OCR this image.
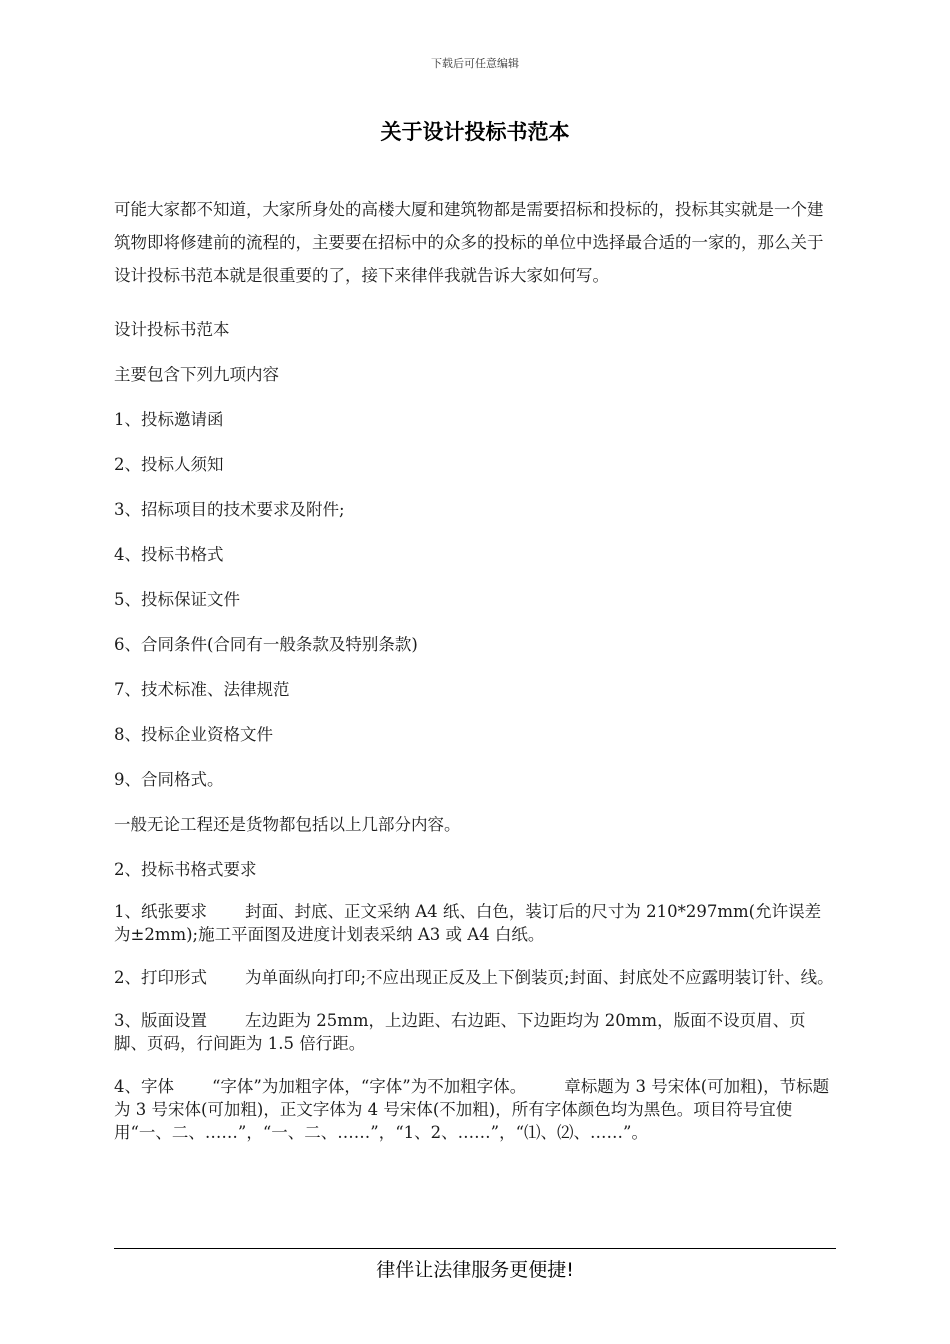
下载后可任意编辑
关于设计投标书范本

可能大家都不知道，大家所身处的高楼大厦和建筑物都是需要招标和投标的，投标其实就是一个建筑物即将修建前的流程的，主要要在招标中的众多的投标的单位中选择最合适的一家的，那么关于设计投标书范本就是很重要的了，接下来律伴我就告诉大家如何写。

设计投标书范本

主要包含下列九项内容

1、投标邀请函

2、投标人须知

3、招标项目的技术要求及附件;

4、投标书格式

5、投标保证文件

6、合同条件(合同有一般条款及特别条款)

7、技术标准、法律规范

8、投标企业资格文件

9、合同格式。

一般无论工程还是货物都包括以上几部分内容。

2、投标书格式要求

1、纸张要求 封面、封底、正文采纳 A4 纸、白色，装订后的尺寸为 210*297mm(允许误差为±2mm);施工平面图及进度计划表采纳 A3 或 A4 白纸。

2、打印形式 为单面纵向打印;不应出现正反及上下倒装页;封面、封底处不应露明装订针、线。

3、版面设置 左边距为 25mm，上边距、右边距、下边距均为 20mm，版面不设页眉、页脚、页码，行间距为 1.5 倍行距。

4、字体 “字体”为加粗字体，“字体”为不加粗字体。 章标题为 3 号宋体(可加粗)，节标题为 3 号宋体(可加粗)，正文字体为 4 号宋体(不加粗)，所有字体颜色均为黑色。项目符号宜使用“一、二、……”，“一、二、……”，“1、2、……”，“⑴、⑵、……”。

律伴让法律服务更便捷!
